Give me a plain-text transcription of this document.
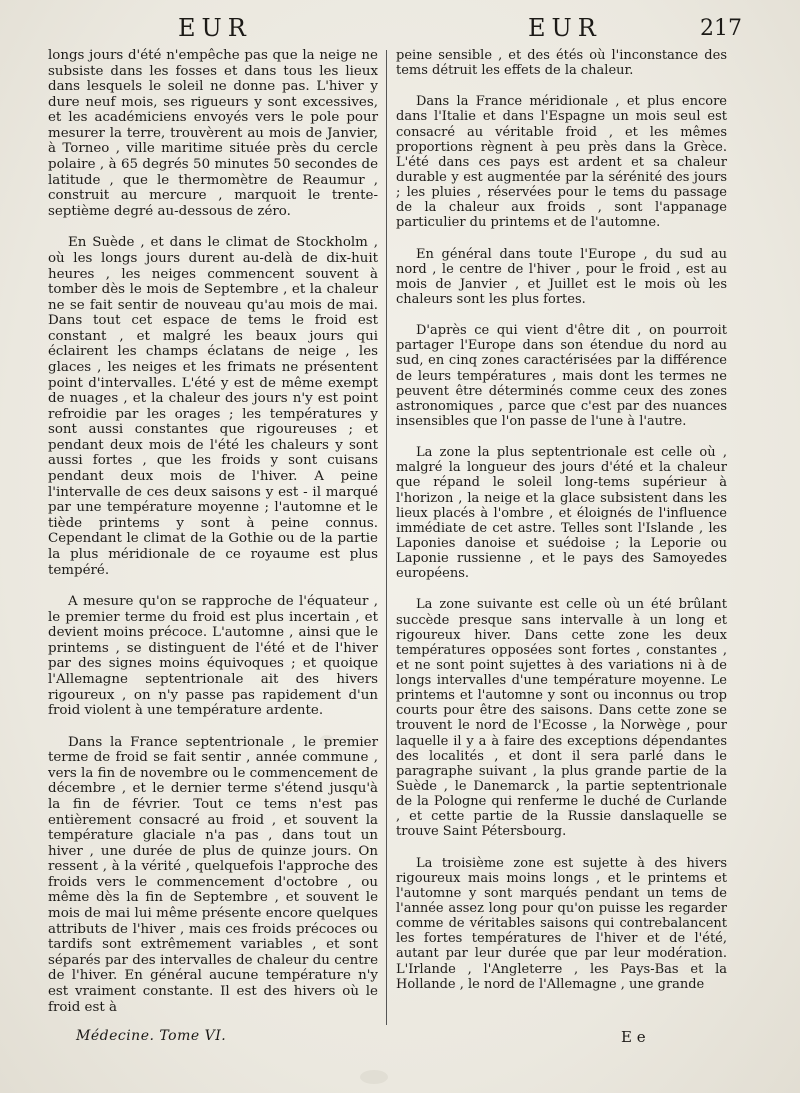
EUR	EUR	217

longs jours d'été n'empêche pas que la neige ne subsiste dans les fosses et dans tous les lieux dans lesquels le soleil ne donne pas. L'hiver y dure neuf mois, ses rigueurs y sont excessives, et les académiciens envoyés vers le pole pour mesurer la terre, trouvèrent au mois de Janvier, à Torneo , ville maritime située près du cercle polaire , à 65 degrés 50 minutes 50 secondes de latitude , que le thermomètre de Reaumur , construit au mercure , marquoit le trente-septième degré au-dessous de zéro.

En Suède , et dans le climat de Stockholm , où les longs jours durent au-delà de dix-huit heures , les neiges commencent souvent à tomber dès le mois de Septembre , et la chaleur ne se fait sentir de nouveau qu'au mois de mai. Dans tout cet espace de tems le froid est constant , et malgré les beaux jours qui éclairent les champs éclatans de neige , les glaces , les neiges et les frimats ne présentent point d'intervalles. L'été y est de même exempt de nuages , et la chaleur des jours n'y est point refroidie par les orages ; les températures y sont aussi constantes que rigoureuses ; et pendant deux mois de l'été les chaleurs y sont aussi fortes , que les froids y sont cuisans pendant deux mois de l'hiver. A peine l'intervalle de ces deux saisons y est - il marqué par une température moyenne ; l'automne et le tiède printems y sont à peine connus. Cependant le climat de la Gothie ou de la partie la plus méridionale de ce royaume est plus tempéré.

A mesure qu'on se rapproche de l'équateur , le premier terme du froid est plus incertain , et devient moins précoce. L'automne , ainsi que le printems , se distinguent de l'été et de l'hiver par des signes moins équivoques ; et quoique l'Allemagne septentrionale ait des hivers rigoureux , on n'y passe pas rapidement d'un froid violent à une température ardente.

Dans la France septentrionale , le premier terme de froid se fait sentir , année commune , vers la fin de novembre ou le commencement de décembre , et le dernier terme s'étend jusqu'à la fin de février. Tout ce tems n'est pas entièrement consacré au froid , et souvent la température glaciale n'a pas , dans tout un hiver , une durée de plus de quinze jours. On ressent , à la vérité , quelquefois l'approche des froids vers le commencement d'octobre , ou même dès la fin de Septembre , et souvent le mois de mai lui même présente encore quelques attributs de l'hiver , mais ces froids précoces ou tardifs sont extrêmement variables , et sont séparés par des intervalles de chaleur du centre de l'hiver. En général aucune température n'y est vraiment constante. Il est des hivers où le froid est à

peine sensible , et des étés où l'inconstance des tems détruit les effets de la chaleur.

Dans la France méridionale , et plus encore dans l'Italie et dans l'Espagne un mois seul est consacré au véritable froid , et les mêmes proportions règnent à peu près dans la Grèce. L'été dans ces pays est ardent et sa chaleur durable y est augmentée par la sérénité des jours ; les pluies , réservées pour le tems du passage de la chaleur aux froids , sont l'appanage particulier du printems et de l'automne.

En général dans toute l'Europe , du sud au nord , le centre de l'hiver , pour le froid , est au mois de Janvier , et Juillet est le mois où les chaleurs sont les plus fortes.

D'après ce qui vient d'être dit , on pourroit partager l'Europe dans son étendue du nord au sud, en cinq zones caractérisées par la différence de leurs températures , mais dont les termes ne peuvent être déterminés comme ceux des zones astronomiques , parce que c'est par des nuances insensibles que l'on passe de l'une à l'autre.

La zone la plus septentrionale est celle où , malgré la longueur des jours d'été et la chaleur que répand le soleil long-tems supérieur à l'horizon , la neige et la glace subsistent dans les lieux placés à l'ombre , et éloignés de l'influence immédiate de cet astre. Telles sont l'Islande , les Laponies danoise et suédoise ; la Leporie ou Laponie russienne , et le pays des Samoyedes européens.

La zone suivante est celle où un été brûlant succède presque sans intervalle à un long et rigoureux hiver. Dans cette zone les deux températures opposées sont fortes , constantes , et ne sont point sujettes à des variations ni à de longs intervalles d'une température moyenne. Le printems et l'automne y sont ou inconnus ou trop courts pour être des saisons. Dans cette zone se trouvent le nord de l'Ecosse , la Norwège , pour laquelle il y a à faire des exceptions dépendantes des localités , et dont il sera parlé dans le paragraphe suivant , la plus grande partie de la Suède , le Danemarck , la partie septentrionale de la Pologne qui renferme le duché de Curlande , et cette partie de la Russie danslaquelle se trouve Saint Pétersbourg.

La troisième zone est sujette à des hivers rigoureux mais moins longs , et le printems et l'automne y sont marqués pendant un tems de l'année assez long pour qu'on puisse les regarder comme de véritables saisons qui contrebalancent les fortes températures de l'hiver et de l'été, autant par leur durée que par leur modération. L'Irlande , l'Angleterre , les Pays-Bas et la Hollande , le nord de l'Allemagne , une grande

Médecine. Tome VI.	E e
